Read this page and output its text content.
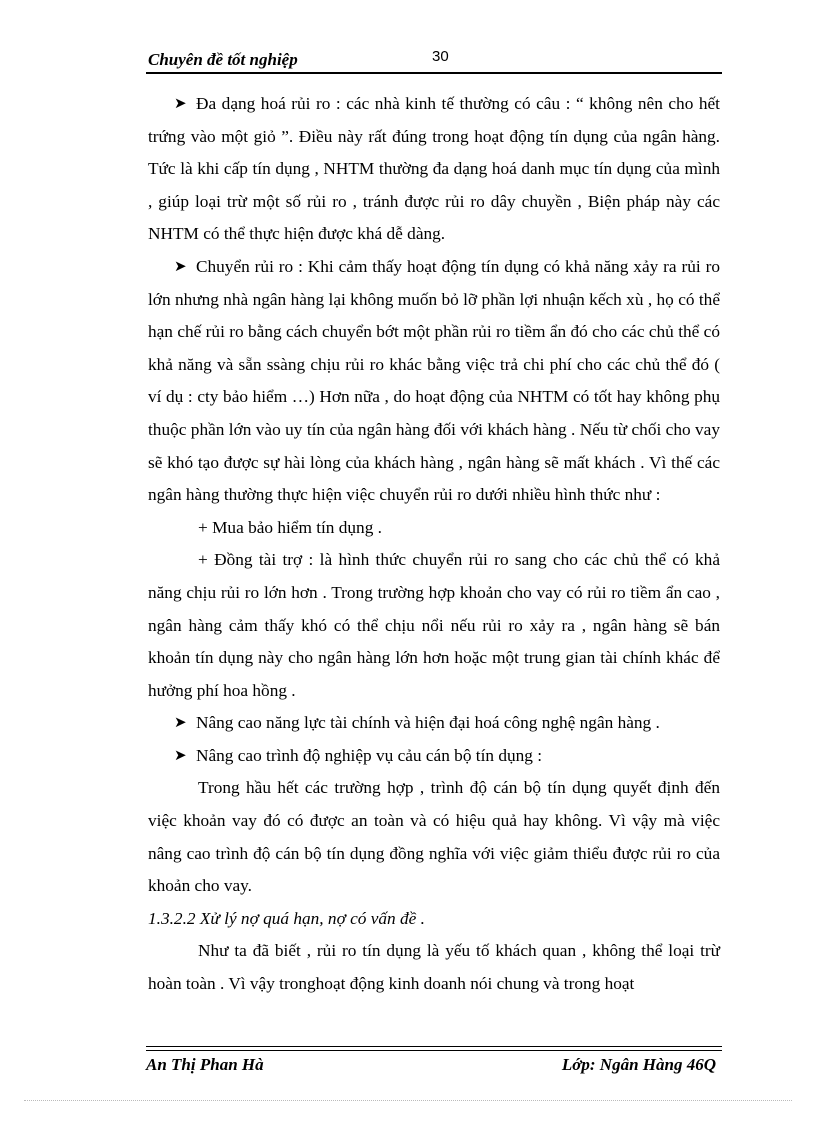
Chuyên đề tốt nghiệp	30

➤ Đa dạng hoá rủi ro : các nhà kinh tế thường có câu : “ không nên cho hết trứng vào một giỏ ”. Điều này rất đúng trong hoạt động tín dụng của ngân hàng. Tức là khi cấp tín dụng , NHTM thường đa dạng hoá danh mục tín dụng của mình , giúp loại trừ một số rủi ro , tránh được rủi ro dây chuyền , Biện pháp này các NHTM có thể thực hiện được khá dễ dàng.

➤ Chuyển rủi ro : Khi cảm thấy hoạt động tín dụng có khả năng xảy ra rủi ro lớn nhưng nhà ngân hàng lại không muốn bỏ lỡ phần lợi nhuận kếch xù , họ có thể hạn chế rủi ro bằng cách chuyển bớt một phần rủi ro tiềm ẩn đó cho các chủ thể có khả năng và sẵn ssàng chịu rủi ro khác bằng việc trả chi phí cho các chủ thể đó ( ví dụ : cty bảo hiểm …) Hơn nữa , do hoạt động của NHTM có tốt hay không phụ thuộc phần lớn vào uy tín của ngân hàng đối với khách hàng . Nếu từ chối cho vay sẽ khó tạo được sự hài lòng của khách hàng , ngân hàng sẽ mất khách . Vì thế các ngân hàng thường thực hiện việc chuyển rủi ro dưới nhiều hình thức như :

+ Mua bảo hiểm tín dụng .

+ Đồng tài trợ : là hình thức chuyển rủi ro sang cho các chủ thể có khả năng chịu rủi ro lớn hơn . Trong trường hợp khoản cho vay có rủi ro tiềm ẩn cao , ngân hàng cảm thấy khó có thể chịu nổi nếu rủi ro xảy ra , ngân hàng sẽ bán khoản tín dụng này cho ngân hàng lớn hơn hoặc một trung gian tài chính khác để hưởng phí hoa hồng .

➤ Nâng cao năng lực tài chính và hiện đại hoá công nghệ ngân hàng .

➤ Nâng cao trình độ nghiệp vụ cảu cán bộ tín dụng :

Trong hầu hết các trường hợp , trình độ cán bộ tín dụng quyết định đến việc khoản vay đó có được an toàn và có hiệu quả hay không. Vì vậy mà việc nâng cao trình độ cán bộ tín dụng đồng nghĩa với việc giảm thiểu được rủi ro của khoản cho vay.

1.3.2.2 Xử lý nợ quá hạn, nợ có vấn đề .

Như ta đã biết , rủi ro tín dụng là yếu tố khách quan , không thể loại trừ hoàn toàn . Vì vậy tronghoạt động kinh doanh nói chung và trong hoạt

An Thị Phan Hà	Lớp: Ngân Hàng 46Q
